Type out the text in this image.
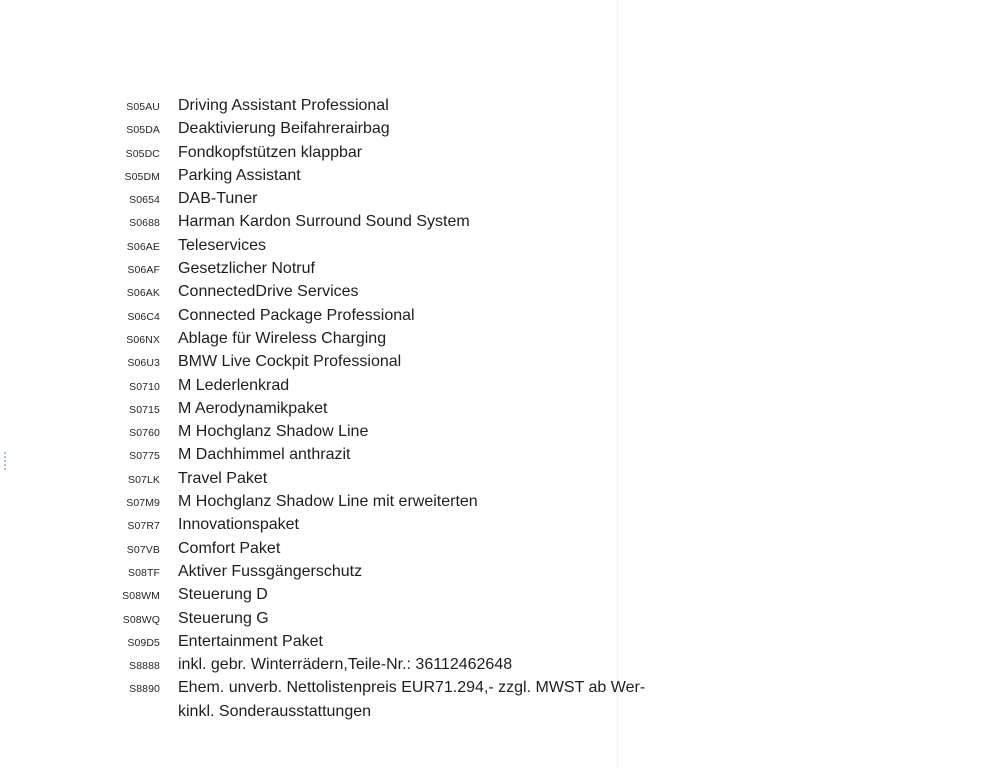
S05AU Driving Assistant Professional
S05DA Deaktivierung Beifahrerairbag
S05DC Fondkopfstützen klappbar
S05DM Parking Assistant
S0654 DAB-Tuner
S0688 Harman Kardon Surround Sound System
S06AE Teleservices
S06AF Gesetzlicher Notruf
S06AK ConnectedDrive Services
S06C4 Connected Package Professional
S06NX Ablage für Wireless Charging
S06U3 BMW Live Cockpit Professional
S0710 M Lederlenkrad
S0715 M Aerodynamikpaket
S0760 M Hochglanz Shadow Line
S0775 M Dachhimmel anthrazit
S07LK Travel Paket
S07M9 M Hochglanz Shadow Line mit erweiterten
S07R7 Innovationspaket
S07VB Comfort Paket
S08TF Aktiver Fussgängerschutz
S08WM Steuerung D
S08WQ Steuerung G
S09D5 Entertainment Paket
S8888 inkl. gebr. Winterrädern,Teile-Nr.: 36112462648
S8890 Ehem. unverb. Nettolistenpreis EUR71.294,- zzgl. MWST ab Wer-
kinkl. Sonderausstattungen
